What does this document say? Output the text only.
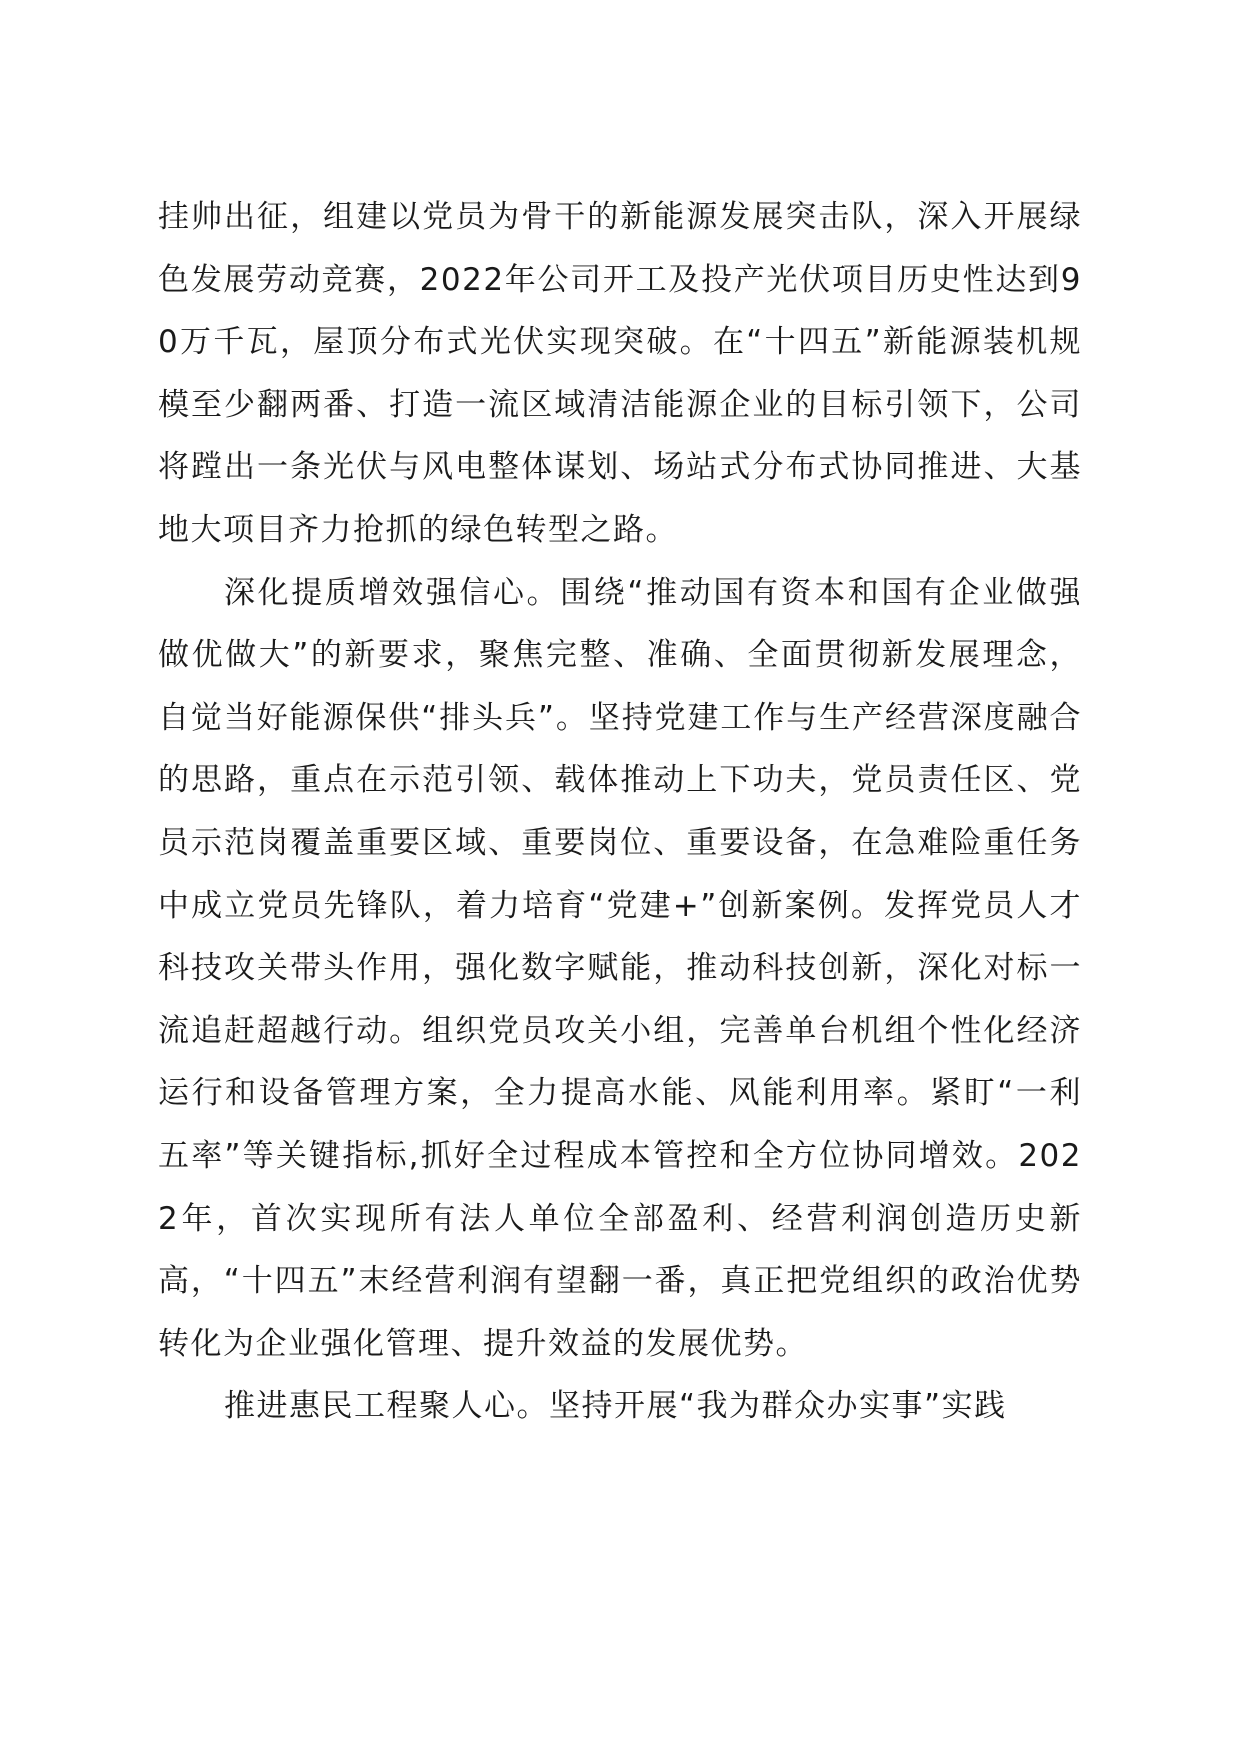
挂帅出征，组建以党员为骨干的新能源发展突击队，深入开展绿色发展劳动竞赛，2022年公司开工及投产光伏项目历史性达到90万千瓦，屋顶分布式光伏实现突破。在“十四五”新能源装机规模至少翻两番、打造一流区域清洁能源企业的目标引领下，公司将蹚出一条光伏与风电整体谋划、场站式分布式协同推进、大基地大项目齐力抢抓的绿色转型之路。

深化提质增效强信心。围绕“推动国有资本和国有企业做强做优做大”的新要求，聚焦完整、准确、全面贯彻新发展理念，自觉当好能源保供“排头兵”。坚持党建工作与生产经营深度融合的思路，重点在示范引领、载体推动上下功夫，党员责任区、党员示范岗覆盖重要区域、重要岗位、重要设备，在急难险重任务中成立党员先锋队，着力培育“党建+”创新案例。发挥党员人才科技攻关带头作用，强化数字赋能，推动科技创新，深化对标一流追赶超越行动。组织党员攻关小组，完善单台机组个性化经济运行和设备管理方案，全力提高水能、风能利用率。紧盯“一利五率”等关键指标,抓好全过程成本管控和全方位协同增效。2022年，首次实现所有法人单位全部盈利、经营利润创造历史新高，“十四五”末经营利润有望翻一番，真正把党组织的政治优势转化为企业强化管理、提升效益的发展优势。

推进惠民工程聚人心。坚持开展“我为群众办实事”实践
